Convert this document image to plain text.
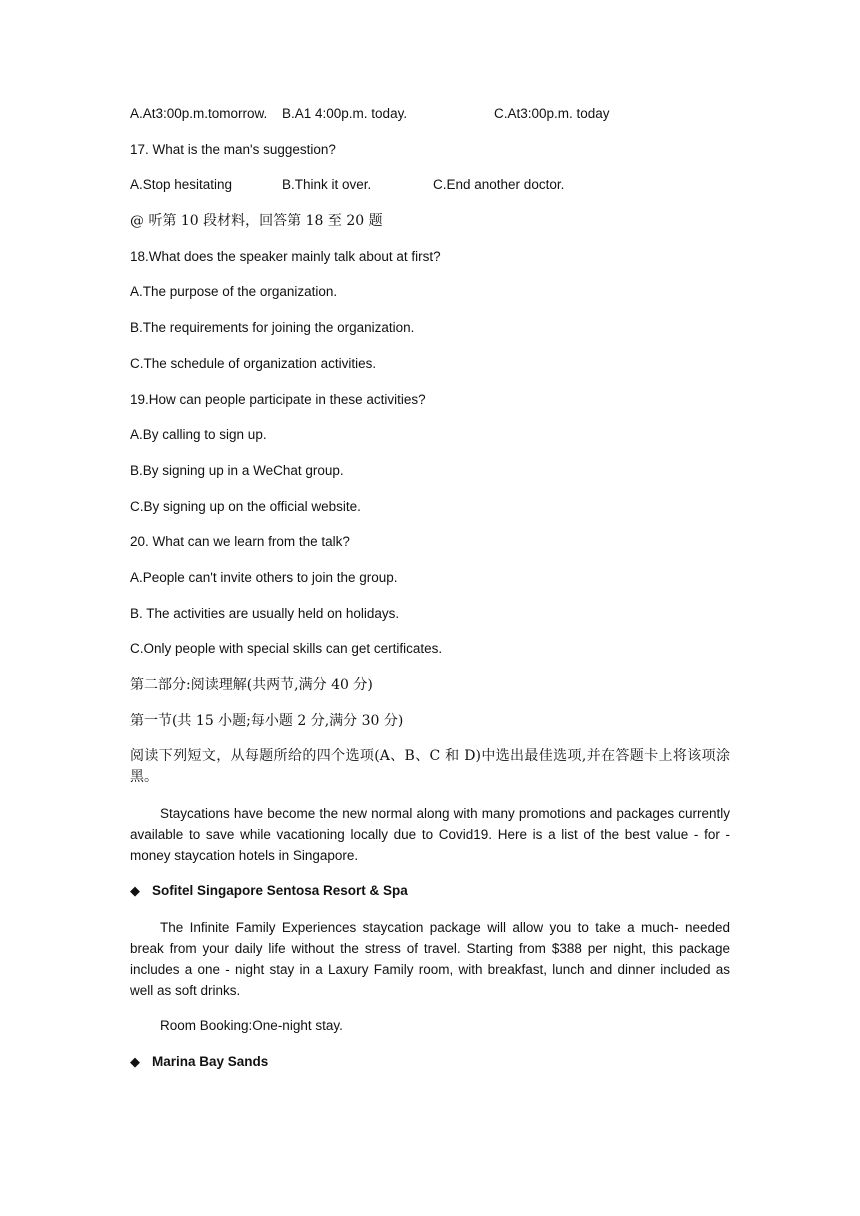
A.At3:00p.m.tomorrow. B.A1 4:00p.m. today.	C.At3:00p.m. today
17. What is the man's suggestion?
A.Stop hesitating	B.Think it over.	C.End another doctor.
@ 听第 10 段材料，回答第 18 至 20 题
18.What does the speaker mainly talk about at first?
A.The purpose of the organization.
B.The requirements for joining the organization.
C.The schedule of organization activities.
19.How can people participate in these activities?
A.By calling to sign up.
B.By signing up in a WeChat group.
C.By signing up on the official website.
20. What can we learn from the talk?
A.People can't invite others to join the group.
B. The activities are usually held on holidays.
C.Only people with special skills can get certificates.
第二部分:阅读理解(共两节,满分 40 分)
第一节(共 15 小题;每小题 2 分,满分 30 分)
阅读下列短文，从每题所给的四个选项(A、B、C 和 D)中选出最佳选项,并在答题卡上将该项涂黑。
Staycations have become the new normal along with many promotions and packages currently available to save while vacationing locally due to Covid19. Here is a list of the best value - for - money staycation hotels in Singapore.
◆ Sofitel Singapore Sentosa Resort & Spa
The Infinite Family Experiences staycation package will allow you to take a much- needed break from your daily life without the stress of travel. Starting from $388 per night, this package includes a one - night stay in a Laxury Family room, with breakfast, lunch and dinner included as well as soft drinks.
Room Booking:One-night stay.
◆ Marina Bay Sands
